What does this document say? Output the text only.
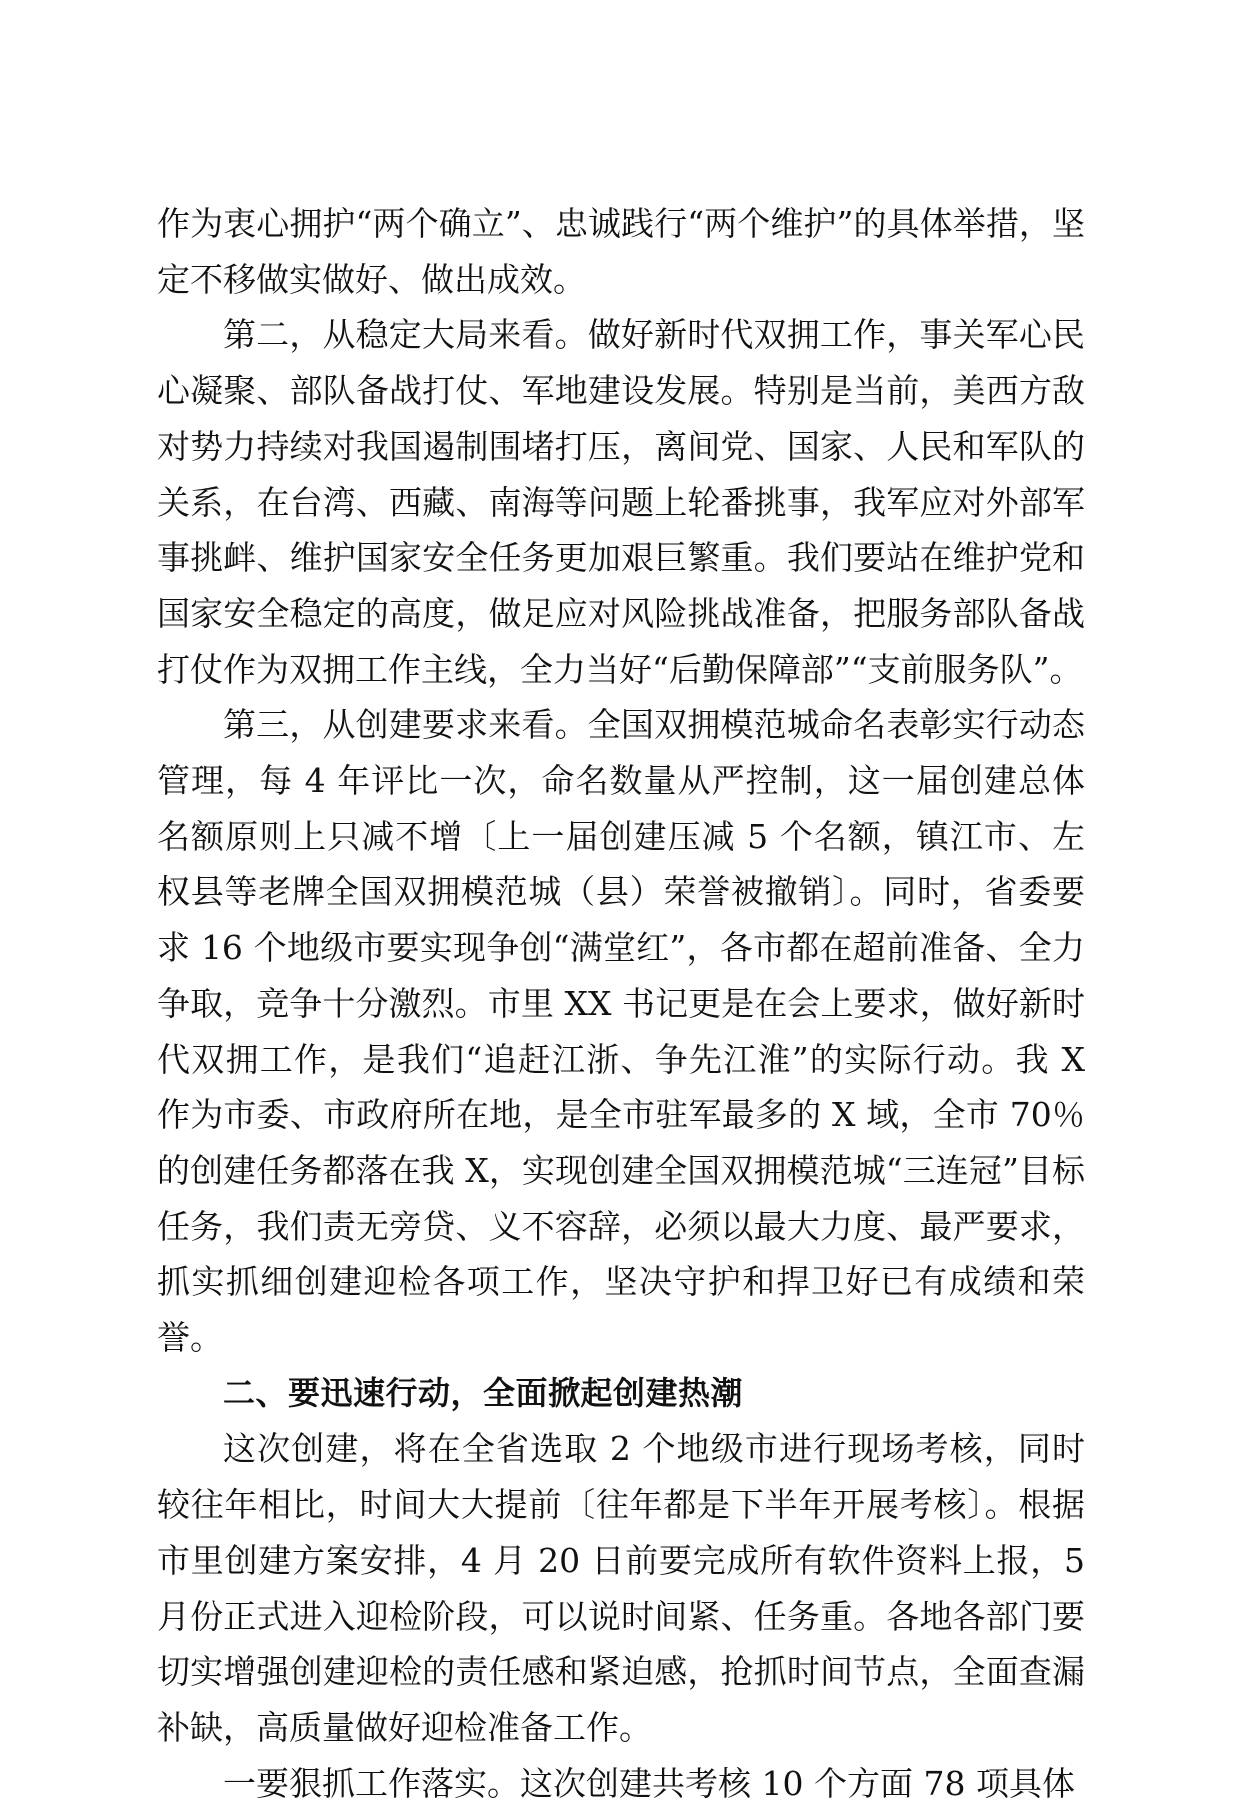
作为衷心拥护“两个确立”、忠诚践行“两个维护”的具体举措，坚定不移做实做好、做出成效。

第二，从稳定大局来看。做好新时代双拥工作，事关军心民心凝聚、部队备战打仗、军地建设发展。特别是当前，美西方敌对势力持续对我国遏制围堵打压，离间党、国家、人民和军队的关系，在台湾、西藏、南海等问题上轮番挑事，我军应对外部军事挑衅、维护国家安全任务更加艰巨繁重。我们要站在维护党和国家安全稳定的高度，做足应对风险挑战准备，把服务部队备战打仗作为双拥工作主线，全力当好“后勤保障部”“支前服务队”。

第三，从创建要求来看。全国双拥模范城命名表彰实行动态管理，每 4 年评比一次，命名数量从严控制，这一届创建总体名额原则上只减不增〔上一届创建压减 5 个名额，镇江市、左权县等老牌全国双拥模范城（县）荣誉被撤销〕。同时，省委要求 16 个地级市要实现争创“满堂红”，各市都在超前准备、全力争取，竞争十分激烈。市里 XX 书记更是在会上要求，做好新时代双拥工作，是我们“追赶江浙、争先江淮”的实际行动。我 X 作为市委、市政府所在地，是全市驻军最多的 X 域，全市 70％的创建任务都落在我 X，实现创建全国双拥模范城“三连冠”目标任务，我们责无旁贷、义不容辞，必须以最大力度、最严要求，抓实抓细创建迎检各项工作，坚决守护和捍卫好已有成绩和荣誉。

二、要迅速行动，全面掀起创建热潮

这次创建，将在全省选取 2 个地级市进行现场考核，同时较往年相比，时间大大提前〔往年都是下半年开展考核〕。根据市里创建方案安排，4 月 20 日前要完成所有软件资料上报，5 月份正式进入迎检阶段，可以说时间紧、任务重。各地各部门要切实增强创建迎检的责任感和紧迫感，抢抓时间节点，全面查漏补缺，高质量做好迎检准备工作。

一要狠抓工作落实。这次创建共考核 10 个方面 78 项具体
